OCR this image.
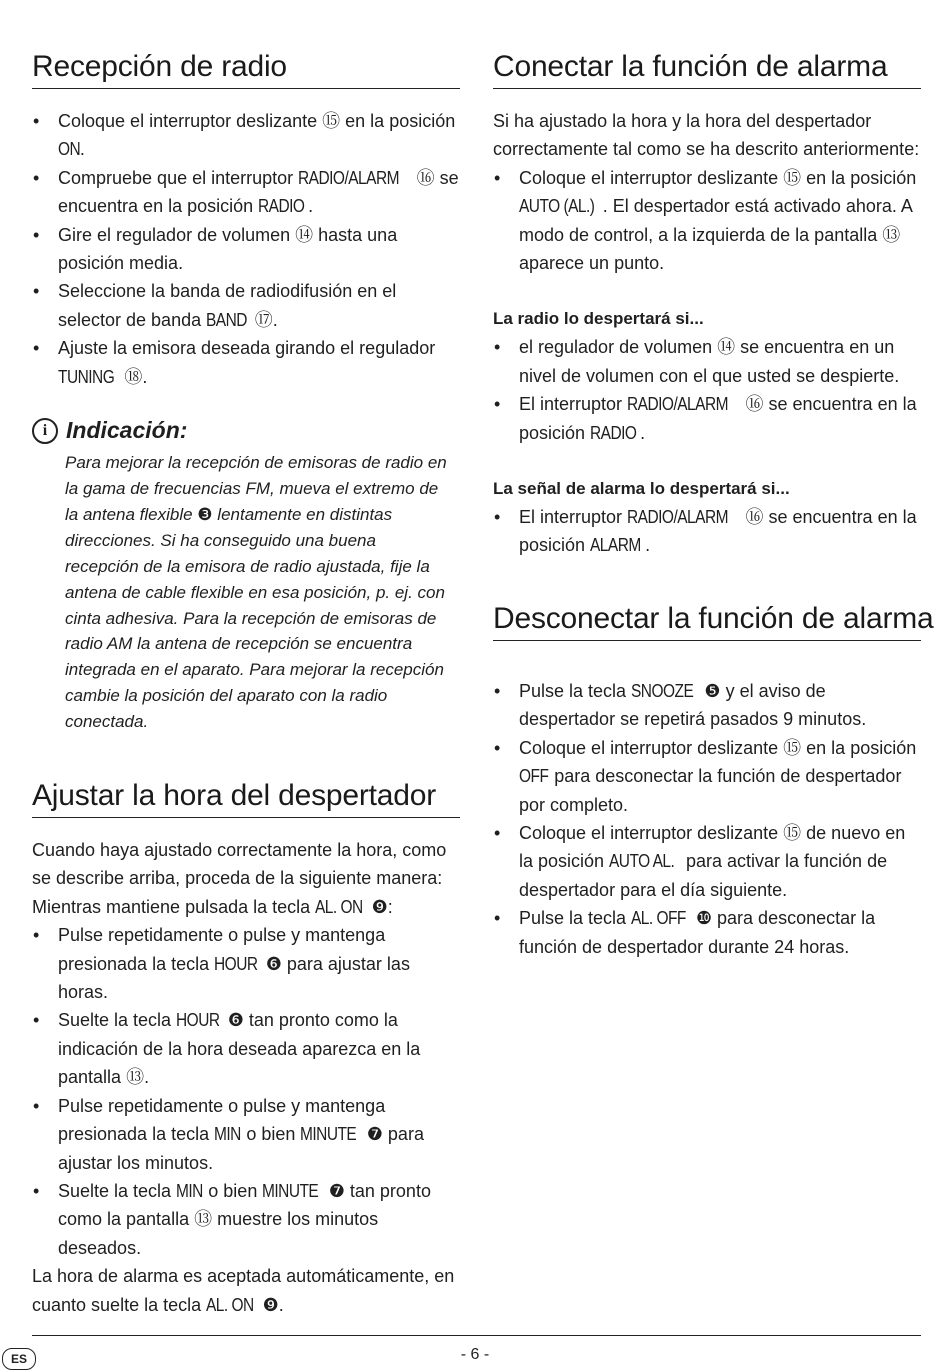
Recepción de radio
• Coloque el interruptor deslizante ⑮ en la posición ON.
• Compruebe que el interruptor RADIO/ALARM ⑯ se encuentra en la posición RADIO .
• Gire el regulador de volumen ⑭ hasta una posición media.
• Seleccione la banda de radiodifusión en el selector de banda BAND ⑰.
• Ajuste la emisora deseada girando el regulador TUNING ⑱.
i Indicación:

Para mejorar la recepción de emisoras de radio en la gama de frecuencias FM, mueva el extremo de la antena flexible ❸ lentamente en distintas direcciones. Si ha conseguido una buena recepción de la emisora de radio ajustada, fije la antena de cable flexible en esa posición, p. ej. con cinta adhesiva. Para la recepción de emisoras de radio AM la antena de recepción se encuentra integrada en el aparato. Para mejorar la recepción cambie la posición del aparato con la radio conectada.

Ajustar la hora del despertador

Cuando haya ajustado correctamente la hora, como se describe arriba, proceda de la siguiente manera:

Mientras mantiene pulsada la tecla AL. ON ❾:

• Pulse repetidamente o pulse y mantenga presionada la tecla HOUR ❻ para ajustar las horas.
• Suelte la tecla HOUR ❻ tan pronto como la indicación de la hora deseada aparezca en la pantalla ⑬.
• Pulse repetidamente o pulse y mantenga presionada la tecla MIN o bien MINUTE ❼ para ajustar los minutos.
• Suelte la tecla MIN o bien MINUTE ❼ tan pronto como la pantalla ⑬ muestre los minutos deseados.

La hora de alarma es aceptada automáticamente, en cuanto suelte la tecla AL. ON ❾.

Conectar la función de alarma

Si ha ajustado la hora y la hora del despertador correctamente tal como se ha descrito anteriormente:

• Coloque el interruptor deslizante ⑮ en la posición AUTO (AL.) . El despertador está activado ahora. A modo de control, a la izquierda de la pantalla ⑬ aparece un punto.

La radio lo despertará si...

• el regulador de volumen ⑭ se encuentra en un nivel de volumen con el que usted se despierte.
• El interruptor RADIO/ALARM ⑯ se encuentra en la posición RADIO .

La señal de alarma lo despertará si...

• El interruptor RADIO/ALARM ⑯ se encuentra en la posición ALARM .
Desconectar la función de alarma
• Pulse la tecla SNOOZE ❺ y el aviso de despertador se repetirá pasados 9 minutos.
• Coloque el interruptor deslizante ⑮ en la posición OFF para desconectar la función de despertador por completo.
• Coloque el interruptor deslizante ⑮ de nuevo en la posición AUTO AL. para activar la función de despertador para el día siguiente.
• Pulse la tecla AL. OFF ❿ para desconectar la función de despertador durante 24 horas.
ES	- 6 -
